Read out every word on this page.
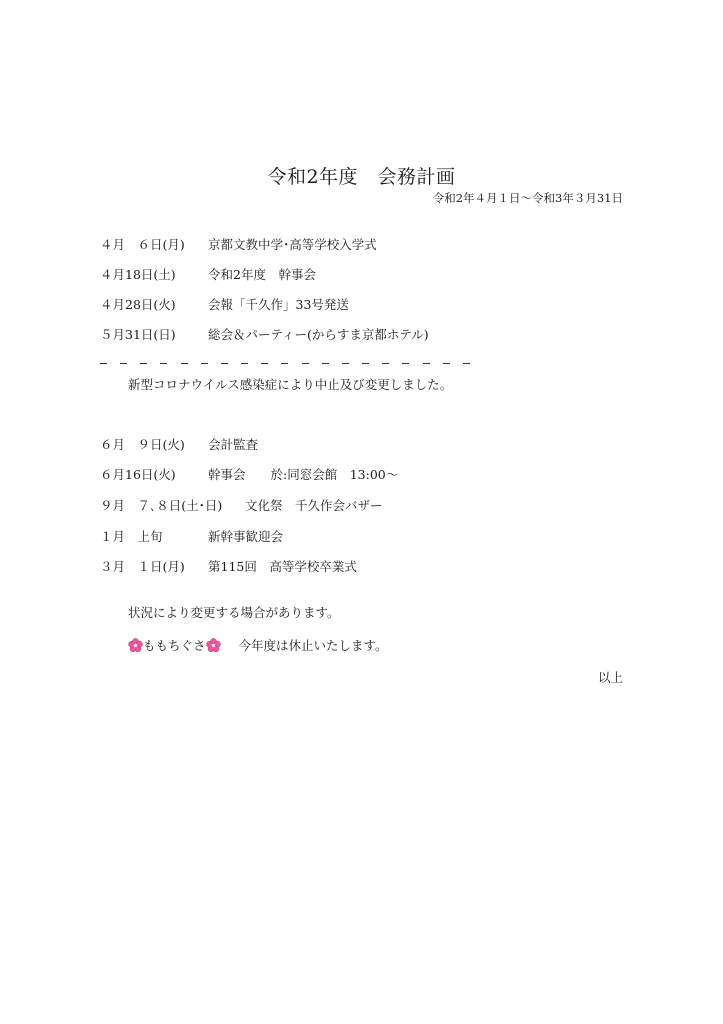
令和2年度　会務計画
令和2年４月１日～令和3年３月31日
４月　６日(月) 京都文教中学･高等学校入学式
４月18日(土)	令和2年度　幹事会
４月28日(火)	会報「千久作」33号発送
５月31日(日)	総会＆パーティー(からすま京都ホテル)
新型コロナウイルス感染症により中止及び変更しました。
６月　９日(火) 会計監査
６月16日(火)	幹事会　　於:同窓会館　13:00～
９月　７､８日(土･日) 文化祭　千久作会バザー
１月　上旬	新幹事歓迎会
３月　１日(月) 第115回　高等学校卒業式
状況により変更する場合があります。
ももちぐさ	今年度は休止いたします。
以上
